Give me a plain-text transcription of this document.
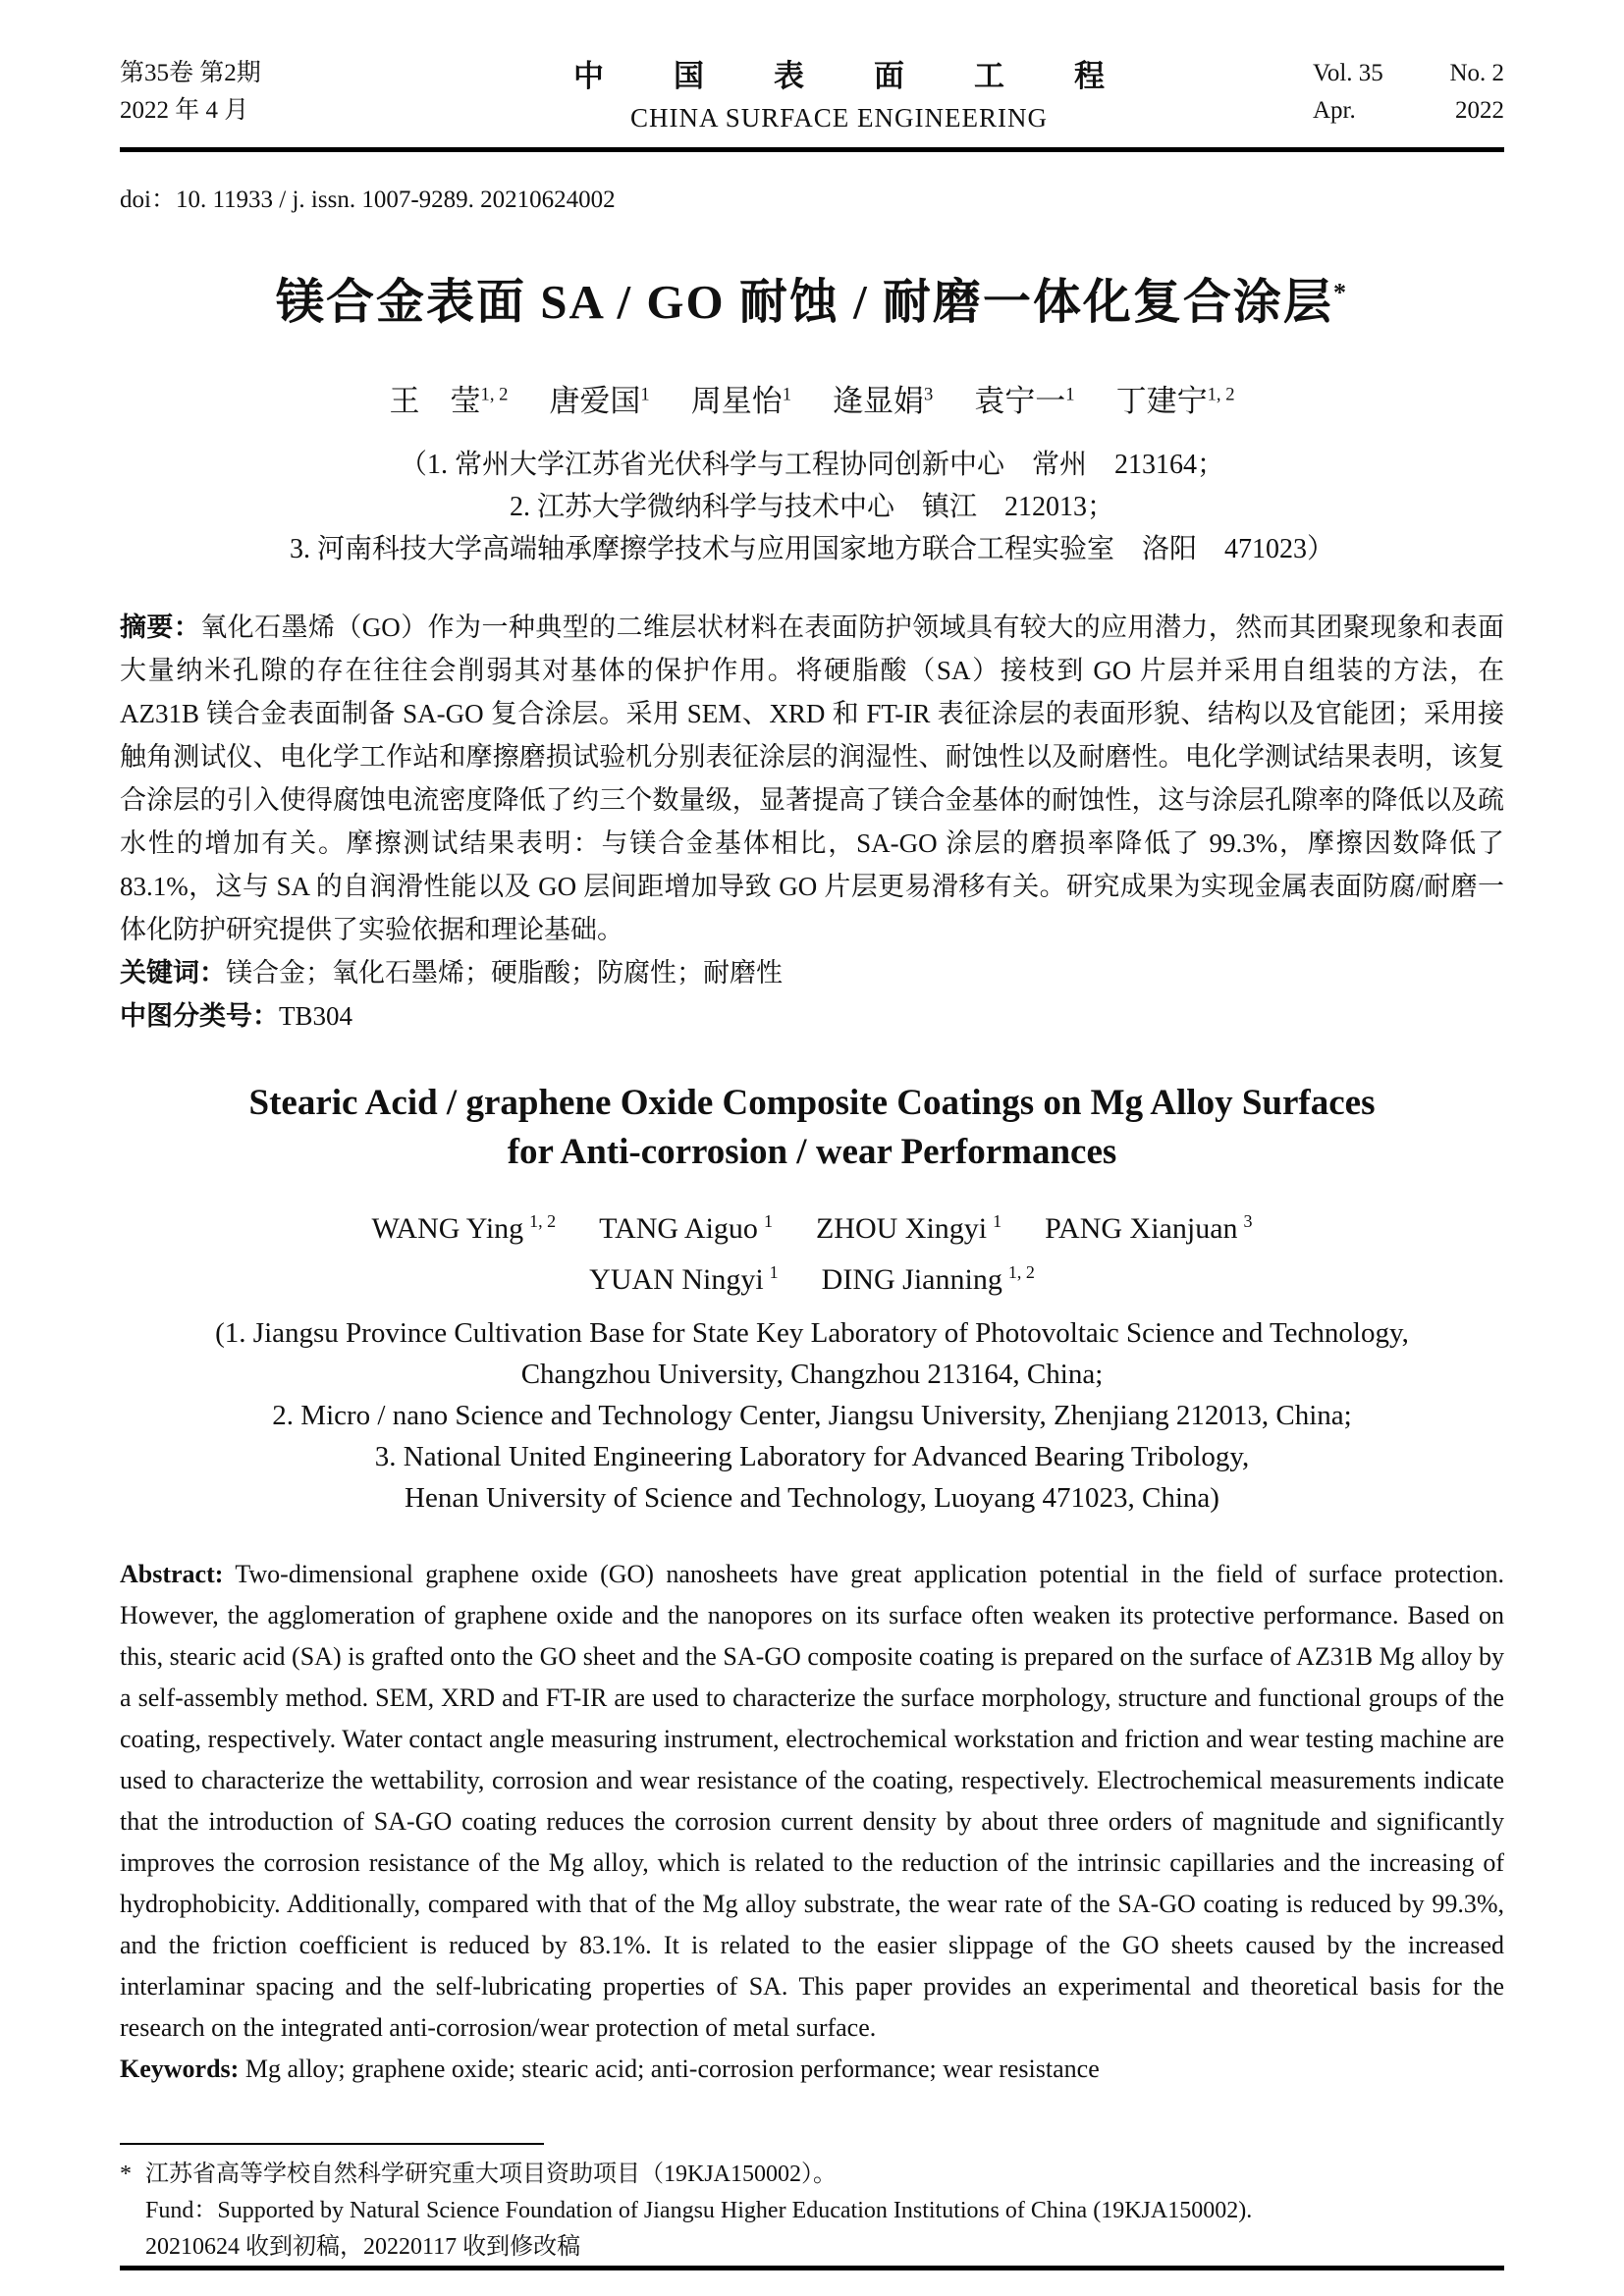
第35卷 第2期
2022 年 4 月
中　国　表　面　工　程
CHINA SURFACE ENGINEERING
Vol. 35	No. 2
Apr.	2022
doi：10. 11933 / j. issn. 1007-9289. 20210624002
镁合金表面 SA / GO 耐蚀 / 耐磨一体化复合涂层*
王　莹$^{1, 2}$ 唐爱国$^1$ 周星怡$^1$ 逄显娟$^3$ 袁宁一$^1$ 丁建宁$^{1, 2}$
（1. 常州大学江苏省光伏科学与工程协同创新中心　常州　213164；
2. 江苏大学微纳科学与技术中心　镇江　212013；
3. 河南科技大学高端轴承摩擦学技术与应用国家地方联合工程实验室　洛阳　471023）

摘要：氧化石墨烯（GO）作为一种典型的二维层状材料在表面防护领域具有较大的应用潜力，然而其团聚现象和表面大量纳米孔隙的存在往往会削弱其对基体的保护作用。将硬脂酸（SA）接枝到 GO 片层并采用自组装的方法，在 AZ31B 镁合金表面制备 SA-GO 复合涂层。采用 SEM、XRD 和 FT-IR 表征涂层的表面形貌、结构以及官能团；采用接触角测试仪、电化学工作站和摩擦磨损试验机分别表征涂层的润湿性、耐蚀性以及耐磨性。电化学测试结果表明，该复合涂层的引入使得腐蚀电流密度降低了约三个数量级，显著提高了镁合金基体的耐蚀性，这与涂层孔隙率的降低以及疏水性的增加有关。摩擦测试结果表明：与镁合金基体相比，SA-GO 涂层的磨损率降低了 99.3%，摩擦因数降低了 83.1%，这与 SA 的自润滑性能以及 GO 层间距增加导致 GO 片层更易滑移有关。研究成果为实现金属表面防腐/耐磨一体化防护研究提供了实验依据和理论基础。

关键词：镁合金；氧化石墨烯；硬脂酸；防腐性；耐磨性

中图分类号：TB304

Stearic Acid / graphene Oxide Composite Coatings on Mg Alloy Surfaces
for Anti-corrosion / wear Performances
WANG Ying  $^{1, 2}$ TANG Aiguo  $^1$ ZHOU Xingyi  $^1$ PANG Xianjuan  $^3$
YUAN Ningyi  $^1$ DING Jianning  $^{1, 2}$
(1. Jiangsu Province Cultivation Base for State Key Laboratory of Photovoltaic Science and Technology,
Changzhou University, Changzhou 213164, China;
2. Micro / nano Science and Technology Center, Jiangsu University, Zhenjiang 212013, China;
3. National United Engineering Laboratory for Advanced Bearing Tribology,
Henan University of Science and Technology, Luoyang 471023, China)

Abstract: Two-dimensional graphene oxide (GO) nanosheets have great application potential in the field of surface protection. However, the agglomeration of graphene oxide and the nanopores on its surface often weaken its protective performance. Based on this, stearic acid (SA) is grafted onto the GO sheet and the SA-GO composite coating is prepared on the surface of AZ31B Mg alloy by a self-assembly method. SEM, XRD and FT-IR are used to characterize the surface morphology, structure and functional groups of the coating, respectively. Water contact angle measuring instrument, electrochemical workstation and friction and wear testing machine are used to characterize the wettability, corrosion and wear resistance of the coating, respectively. Electrochemical measurements indicate that the introduction of SA-GO coating reduces the corrosion current density by about three orders of magnitude and significantly improves the corrosion resistance of the Mg alloy, which is related to the reduction of the intrinsic capillaries and the increasing of hydrophobicity. Additionally, compared with that of the Mg alloy substrate, the wear rate of the SA-GO coating is reduced by 99.3%, and the friction coefficient is reduced by 83.1%. It is related to the easier slippage of the GO sheets caused by the increased interlaminar spacing and the self-lubricating properties of SA. This paper provides an experimental and theoretical basis for the research on the integrated anti-corrosion/wear protection of metal surface.

Keywords: Mg alloy; graphene oxide; stearic acid; anti-corrosion performance; wear resistance

* 江苏省高等学校自然科学研究重大项目资助项目（19KJA150002）。
Fund：Supported by Natural Science Foundation of Jiangsu Higher Education Institutions of China (19KJA150002).
20210624 收到初稿，20220117 收到修改稿
